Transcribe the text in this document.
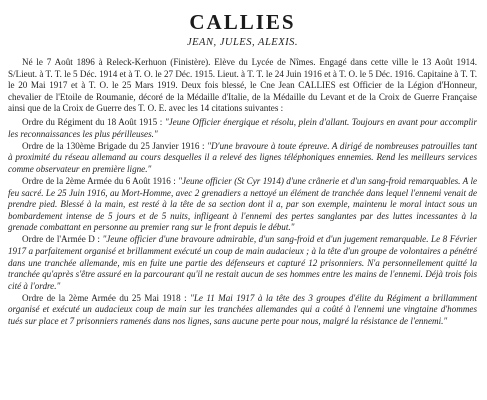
CALLIES
JEAN, JULES, ALEXIS.

Né le 7 Août 1896 à Releck-Kerhuon (Finistère). Elève du Lycée de Nîmes. Engagé dans cette ville le 13 Août 1914. S/Lieut. à T. T. le 5 Déc. 1914 et à T. O. le 27 Déc. 1915. Lieut. à T. T. le 24 Juin 1916 et à T. O. le 5 Déc. 1916. Capitaine à T. T. le 20 Mai 1917 et à T. O. le 25 Mars 1919. Deux fois blessé, le Cne Jean CALLIES est Officier de la Légion d'Honneur, chevalier de l'Etoile de Roumanie, décoré de la Médaille d'Italie, de la Médaille du Levant et de la Croix de Guerre Française ainsi que de la Croix de Guerre des T. O. E. avec les 14 citations suivantes :

Ordre du Régiment du 18 Août 1915 : "Jeune Officier énergique et résolu, plein d'allant. Toujours en avant pour accomplir les reconnaissances les plus périlleuses."

Ordre de la 130ème Brigade du 25 Janvier 1916 : "D'une bravoure à toute épreuve. A dirigé de nombreuses patrouilles tant à proximité du réseau allemand au cours desquelles il a relevé des lignes téléphoniques ennemies. Rend les meilleurs services comme observateur en première ligne."

Ordre de la 2ème Armée du 6 Août 1916 : "Jeune officier (St Cyr 1914) d'une crânerie et d'un sang-froid remarquables. A le feu sacré. Le 25 Juin 1916, au Mort-Homme, avec 2 grenadiers a nettoyé un élément de tranchée dans lequel l'ennemi venait de prendre pied. Blessé à la main, est resté à la tête de sa section dont il a, par son exemple, maintenu le moral intact sous un bombardement intense de 5 jours et de 5 nuits, infligeant à l'ennemi des pertes sanglantes par des luttes incessantes à la grenade combattant en personne au premier rang sur le front depuis le début."

Ordre de l'Armée D : "Jeune officier d'une bravoure admirable, d'un sang-froid et d'un jugement remarquable. Le 8 Février 1917 a parfaitement organisé et brillamment exécuté un coup de main audacieux ; à la tête d'un groupe de volontaires a pénétré dans une tranchée allemande, mis en fuite une partie des défenseurs et capturé 12 prisonniers. N'a personnellement quitté la tranchée qu'après s'être assuré en la parcourant qu'il ne restait aucun de ses hommes entre les mains de l'ennemi. Déjà trois fois cité à l'ordre."

Ordre de la 2ème Armée du 25 Mai 1918 : "Le 11 Mai 1917 à la tête des 3 groupes d'élite du Régiment a brillamment organisé et exécuté un audacieux coup de main sur les tranchées allemandes qui a coûté à l'ennemi une vingtaine d'hommes tués sur place et 7 prisonniers ramenés dans nos lignes, sans aucune perte pour nous, malgré la résistance de l'ennemi."
